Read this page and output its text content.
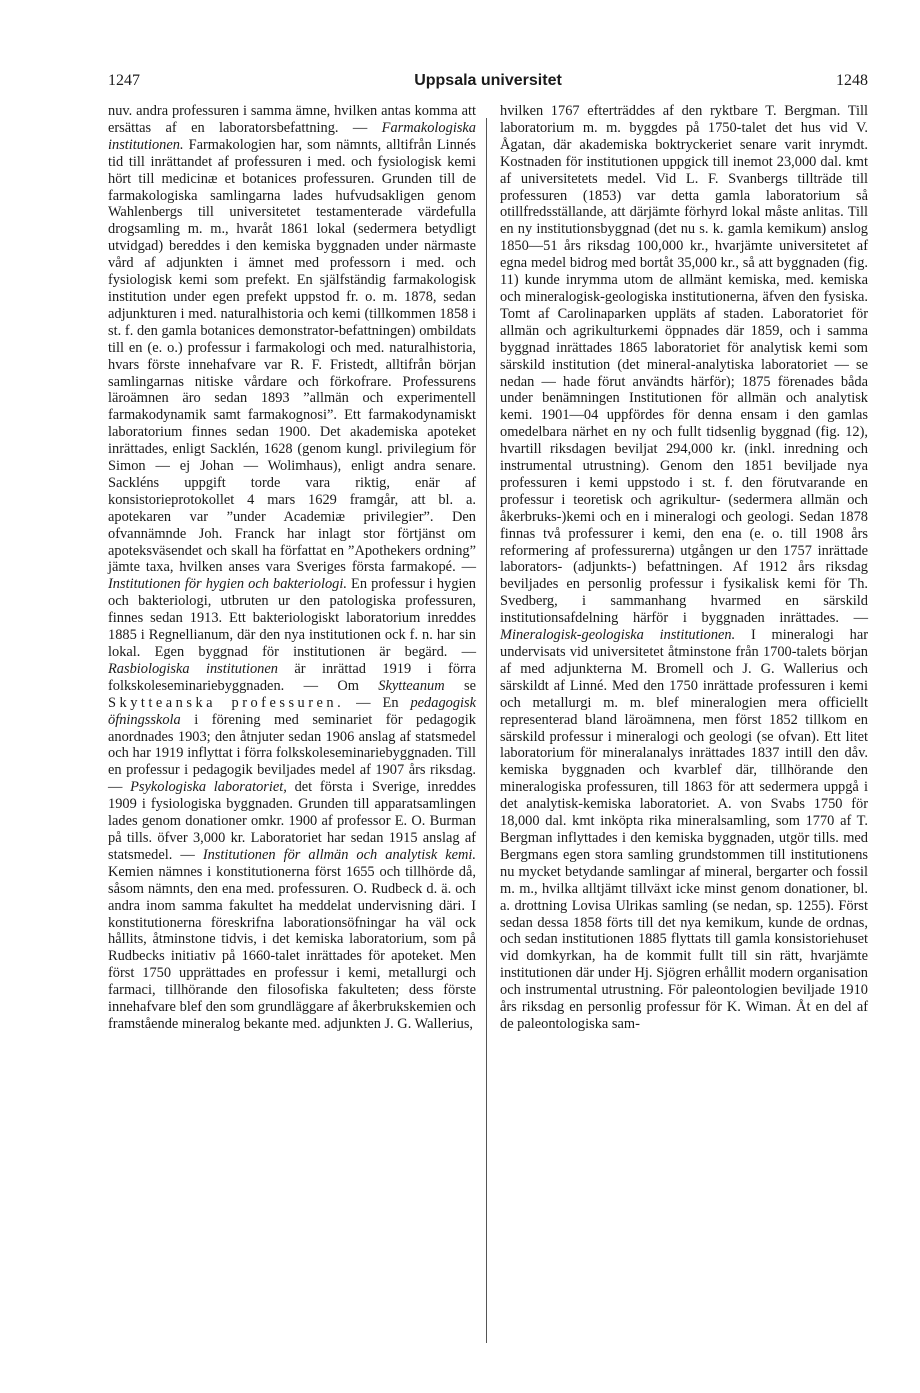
1247	Uppsala universitet	1248

nuv. andra professuren i samma ämne, hvilken antas komma att ersättas af en laboratorsbefattning. — Farmakologiska institutionen. Farmakologien har, som nämnts, alltifrån Linnés tid till inrättandet af professuren i med. och fysiologisk kemi hört till medicinæ et botanices professuren. Grunden till de farmakologiska samlingarna lades hufvudsakligen genom Wahlenbergs till universitetet testamenterade värdefulla drogsamling m. m., hvaråt 1861 lokal (sedermera betydligt utvidgad) bereddes i den kemiska byggnaden under närmaste vård af adjunkten i ämnet med professorn i med. och fysiologisk kemi som prefekt. En själfständig farmakologisk institution under egen prefekt uppstod fr. o. m. 1878, sedan adjunkturen i med. naturalhistoria och kemi (tillkommen 1858 i st. f. den gamla botanices demonstrator-befattningen) ombildats till en (e. o.) professur i farmakologi och med. naturalhistoria, hvars förste innehafvare var R. F. Fristedt, alltifrån början samlingarnas nitiske vårdare och förkofrare. Professurens läroämnen äro sedan 1893 ”allmän och experimentell farmakodynamik samt farmakognosi”. Ett farmakodynamiskt laboratorium finnes sedan 1900. Det akademiska apoteket inrättades, enligt Sacklén, 1628 (genom kungl. privilegium för Simon — ej Johan — Wolimhaus), enligt andra senare. Sackléns uppgift torde vara riktig, enär af konsistorieprotokollet 4 mars 1629 framgår, att bl. a. apotekaren var ”under Academiæ privilegier”. Den ofvannämnde Joh. Franck har inlagt stor förtjänst om apoteksväsendet och skall ha författat en ”Apothekers ordning” jämte taxa, hvilken anses vara Sveriges första farmakopé. — Institutionen för hygien och bakteriologi. En professur i hygien och bakteriologi, utbruten ur den patologiska professuren, finnes sedan 1913. Ett bakteriologiskt laboratorium inreddes 1885 i Regnellianum, där den nya institutionen ock f. n. har sin lokal. Egen byggnad för institutionen är begärd. — Rasbiologiska institutionen är inrättad 1919 i förra folkskoleseminariebyggnaden. — Om Skytteanum se Skytteanska professuren. — En pedagogisk öfningsskola i förening med seminariet för pedagogik anordnades 1903; den åtnjuter sedan 1906 anslag af statsmedel och har 1919 inflyttat i förra folkskoleseminariebyggnaden. Till en professur i pedagogik beviljades medel af 1907 års riksdag. — Psykologiska laboratoriet, det första i Sverige, inreddes 1909 i fysiologiska byggnaden. Grunden till apparatsamlingen lades genom donationer omkr. 1900 af professor E. O. Burman på tills. öfver 3,000 kr. Laboratoriet har sedan 1915 anslag af statsmedel. — Institutionen för allmän och analytisk kemi. Kemien nämnes i konstitutionerna först 1655 och tillhörde då, såsom nämnts, den ena med. professuren. O. Rudbeck d. ä. och andra inom samma fakultet ha meddelat undervisning däri. I konstitutionerna föreskrifna laborationsöfningar ha väl ock hållits, åtminstone tidvis, i det kemiska laboratorium, som på Rudbecks initiativ på 1660-talet inrättades för apoteket. Men först 1750 upprättades en professur i kemi, metallurgi och farmaci, tillhörande den filosofiska fakulteten; dess förste innehafvare blef den som grundläggare af åkerbrukskemien och framstående mineralog bekante med. adjunkten J. G. Wallerius,

hvilken 1767 efterträddes af den ryktbare T. Bergman. Till laboratorium m. m. byggdes på 1750-talet det hus vid V. Ågatan, där akademiska boktryckeriet senare varit inrymdt. Kostnaden för institutionen uppgick till inemot 23,000 dal. kmt af universitetets medel. Vid L. F. Svanbergs tillträde till professuren (1853) var detta gamla laboratorium så otillfredsställande, att därjämte förhyrd lokal måste anlitas. Till en ny institutionsbyggnad (det nu s. k. gamla kemikum) anslog 1850—51 års riksdag 100,000 kr., hvarjämte universitetet af egna medel bidrog med bortåt 35,000 kr., så att byggnaden (fig. 11) kunde inrymma utom de allmänt kemiska, med. kemiska och mineralogisk-geologiska institutionerna, äfven den fysiska. Tomt af Carolinaparken uppläts af staden. Laboratoriet för allmän och agrikulturkemi öppnades där 1859, och i samma byggnad inrättades 1865 laboratoriet för analytisk kemi som särskild institution (det mineral-analytiska laboratoriet — se nedan — hade förut användts härför); 1875 förenades båda under benämningen Institutionen för allmän och analytisk kemi. 1901—04 uppfördes för denna ensam i den gamlas omedelbara närhet en ny och fullt tidsenlig byggnad (fig. 12), hvartill riksdagen beviljat 294,000 kr. (inkl. inredning och instrumental utrustning). Genom den 1851 beviljade nya professuren i kemi uppstodo i st. f. den förutvarande en professur i teoretisk och agrikultur- (sedermera allmän och åkerbruks-)kemi och en i mineralogi och geologi. Sedan 1878 finnas två professurer i kemi, den ena (e. o. till 1908 års reformering af professurerna) utgången ur den 1757 inrättade laborators- (adjunkts-) befattningen. Af 1912 års riksdag beviljades en personlig professur i fysikalisk kemi för Th. Svedberg, i sammanhang hvarmed en särskild institutionsafdelning härför i byggnaden inrättades. — Mineralogisk-geologiska institutionen. I mineralogi har undervisats vid universitetet åtminstone från 1700-talets början af med adjunkterna M. Bromell och J. G. Wallerius och särskildt af Linné. Med den 1750 inrättade professuren i kemi och metallurgi m. m. blef mineralogien mera officiellt representerad bland läroämnena, men först 1852 tillkom en särskild professur i mineralogi och geologi (se ofvan). Ett litet laboratorium för mineralanalys inrättades 1837 intill den dåv. kemiska byggnaden och kvarblef där, tillhörande den mineralogiska professuren, till 1863 för att sedermera uppgå i det analytisk-kemiska laboratoriet. A. von Svabs 1750 för 18,000 dal. kmt inköpta rika mineralsamling, som 1770 af T. Bergman inflyttades i den kemiska byggnaden, utgör tills. med Bergmans egen stora samling grundstommen till institutionens nu mycket betydande samlingar af mineral, bergarter och fossil m. m., hvilka alltjämt tillväxt icke minst genom donationer, bl. a. drottning Lovisa Ulrikas samling (se nedan, sp. 1255). Först sedan dessa 1858 förts till det nya kemikum, kunde de ordnas, och sedan institutionen 1885 flyttats till gamla konsistoriehuset vid domkyrkan, ha de kommit fullt till sin rätt, hvarjämte institutionen där under Hj. Sjögren erhållit modern organisation och instrumental utrustning. För paleontologien beviljade 1910 års riksdag en personlig professur för K. Wiman. Åt en del af de paleontologiska sam-
